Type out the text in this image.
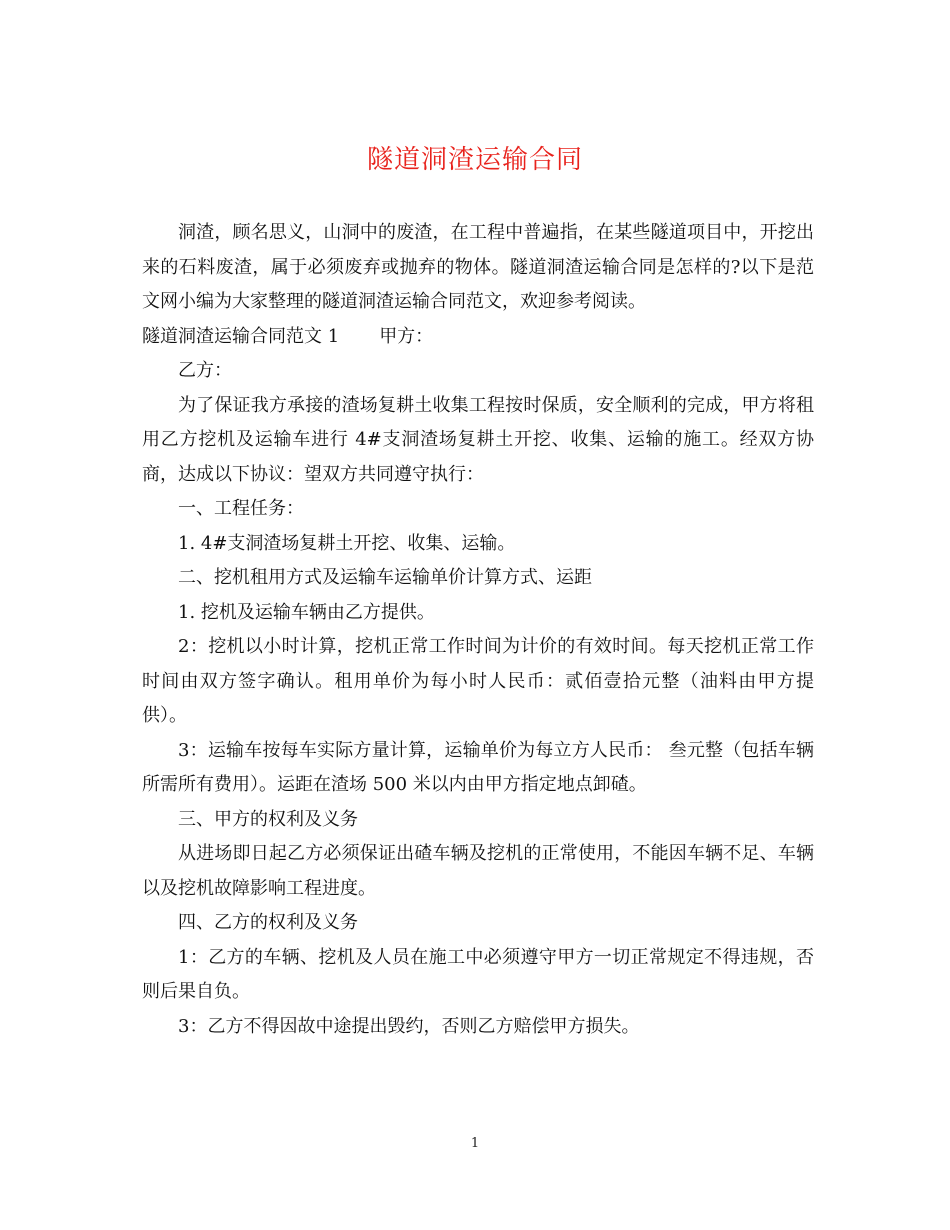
隧道洞渣运输合同

洞渣，顾名思义，山洞中的废渣，在工程中普遍指，在某些隧道项目中，开挖出来的石料废渣，属于必须废弃或抛弃的物体。隧道洞渣运输合同是怎样的?以下是范文网小编为大家整理的隧道洞渣运输合同范文，欢迎参考阅读。

隧道洞渣运输合同范文 1 甲方：

乙方：

为了保证我方承接的渣场复耕土收集工程按时保质，安全顺利的完成，甲方将租用乙方挖机及运输车进行 4#支洞渣场复耕土开挖、收集、运输的施工。经双方协商，达成以下协议：望双方共同遵守执行：

一、工程任务：

1. 4#支洞渣场复耕土开挖、收集、运输。

二、挖机租用方式及运输车运输单价计算方式、运距

1. 挖机及运输车辆由乙方提供。

2：挖机以小时计算，挖机正常工作时间为计价的有效时间。每天挖机正常工作时间由双方签字确认。租用单价为每小时人民币：贰佰壹拾元整（油料由甲方提供）。

3：运输车按每车实际方量计算，运输单价为每立方人民币： 叁元整（包括车辆所需所有费用）。运距在渣场 500 米以内由甲方指定地点卸碴。

三、甲方的权利及义务

从进场即日起乙方必须保证出碴车辆及挖机的正常使用，不能因车辆不足、车辆以及挖机故障影响工程进度。

四、乙方的权利及义务

1：乙方的车辆、挖机及人员在施工中必须遵守甲方一切正常规定不得违规，否则后果自负。

3：乙方不得因故中途提出毁约，否则乙方赔偿甲方损失。

1
